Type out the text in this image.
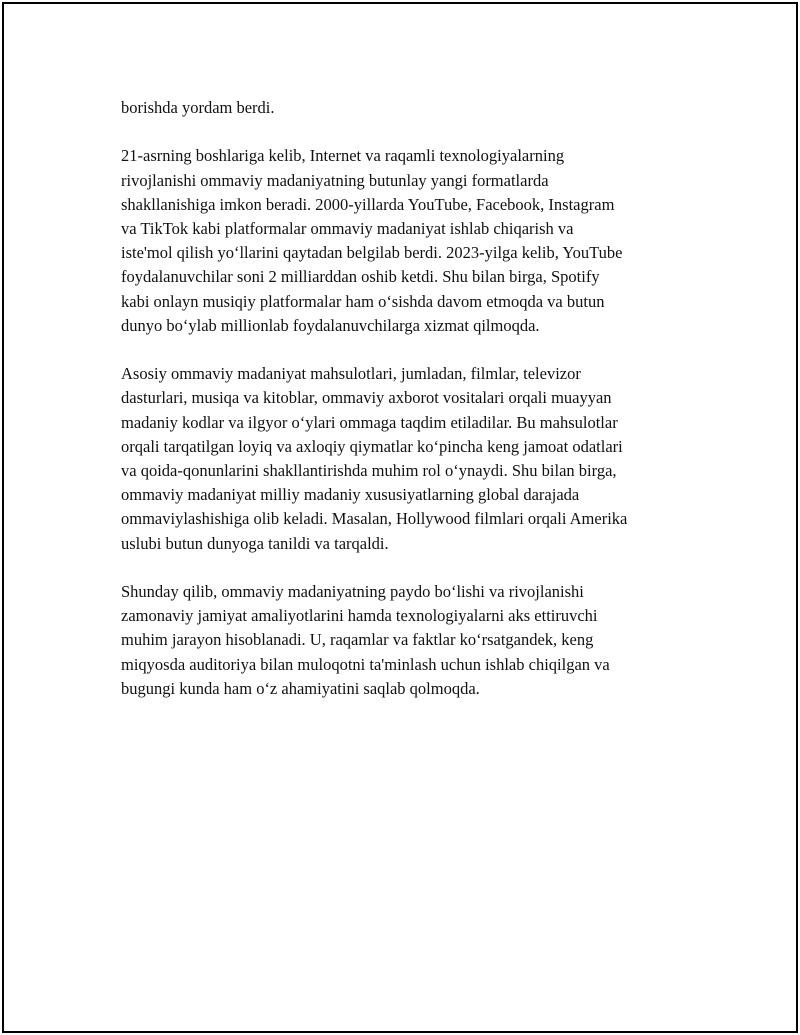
borishda yordam berdi.

21-asrning boshlariga kelib, Internet va raqamli texnologiyalarning
rivojlanishi ommaviy madaniyatning butunlay yangi formatlarda
shakllanishiga imkon beradi. 2000-yillarda YouTube, Facebook, Instagram
va TikTok kabi platformalar ommaviy madaniyat ishlab chiqarish va
iste'mol qilish yoʻllarini qaytadan belgilab berdi. 2023-yilga kelib, YouTube
foydalanuvchilar soni 2 milliarddan oshib ketdi. Shu bilan birga, Spotify
kabi onlayn musiqiy platformalar ham oʻsishda davom etmoqda va butun
dunyo boʻylab millionlab foydalanuvchilarga xizmat qilmoqda.

Asosiy ommaviy madaniyat mahsulotlari, jumladan, filmlar, televizor
dasturlari, musiqa va kitoblar, ommaviy axborot vositalari orqali muayyan
madaniy kodlar va ilgyor oʻylari ommaga taqdim etiladilar. Bu mahsulotlar
orqali tarqatilgan loyiq va axloqiy qiymatlar koʻpincha keng jamoat odatlari
va qoida-qonunlarini shakllantirishda muhim rol oʻynaydi. Shu bilan birga,
ommaviy madaniyat milliy madaniy xususiyatlarning global darajada
ommaviylashishiga olib keladi. Masalan, Hollywood filmlari orqali Amerika
uslubi butun dunyoga tanildi va tarqaldi.

Shunday qilib, ommaviy madaniyatning paydo boʻlishi va rivojlanishi
zamonaviy jamiyat amaliyotlarini hamda texnologiyalarni aks ettiruvchi
muhim jarayon hisoblanadi. U, raqamlar va faktlar koʻrsatgandek, keng
miqyosda auditoriya bilan muloqotni ta'minlash uchun ishlab chiqilgan va
bugungi kunda ham oʻz ahamiyatini saqlab qolmoqda.
